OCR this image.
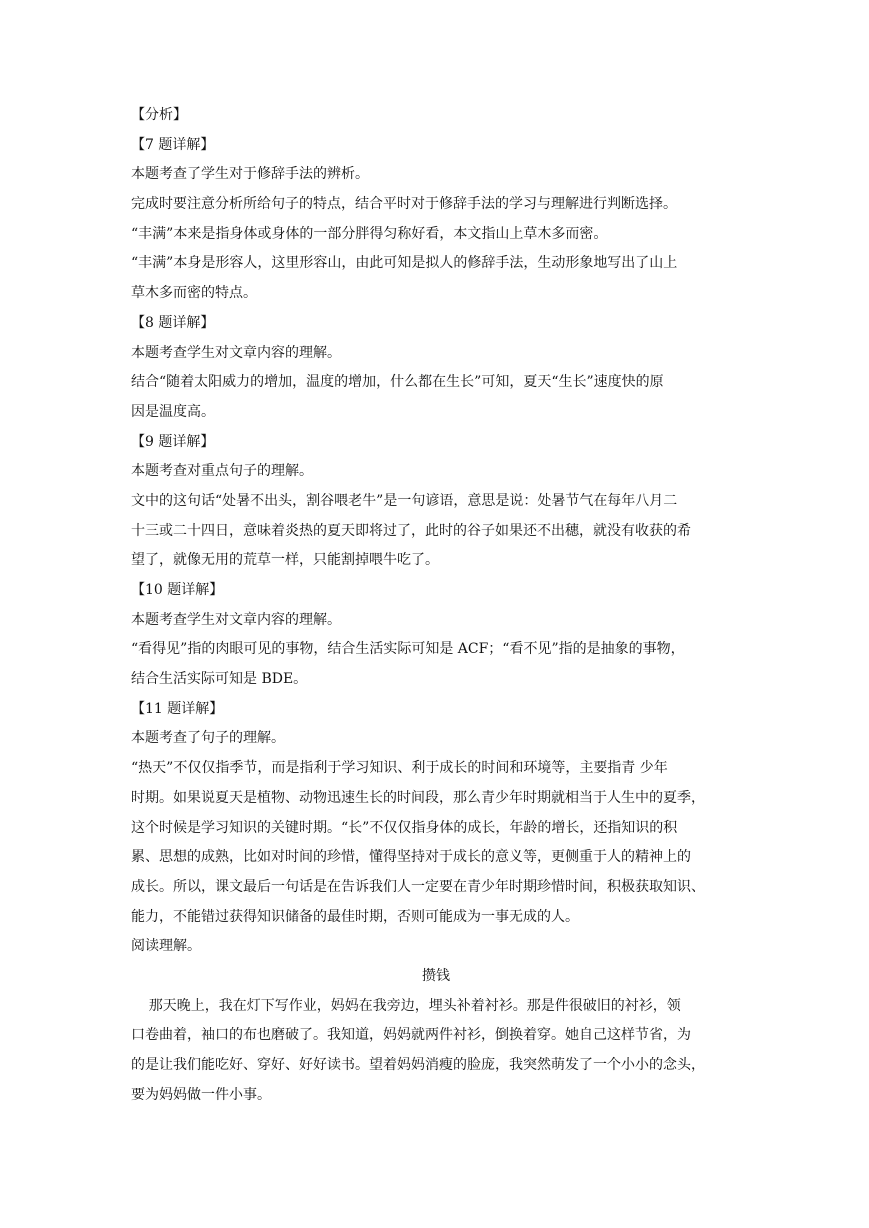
【分析】
【7 题详解】
本题考查了学生对于修辞手法的辨析。
完成时要注意分析所给句子的特点，结合平时对于修辞手法的学习与理解进行判断选择。
“丰满”本来是指身体或身体的一部分胖得匀称好看，本文指山上草木多而密。
“丰满”本身是形容人，这里形容山，由此可知是拟人的修辞手法，生动形象地写出了山上
草木多而密的特点。
【8 题详解】
本题考查学生对文章内容的理解。
结合“随着太阳威力的增加，温度的增加，什么都在生长”可知，夏天“生长”速度快的原
因是温度高。
【9 题详解】
本题考查对重点句子的理解。
文中的这句话“处暑不出头，割谷喂老牛”是一句谚语，意思是说：处暑节气在每年八月二
十三或二十四日，意味着炎热的夏天即将过了，此时的谷子如果还不出穗，就没有收获的希
望了，就像无用的荒草一样，只能割掉喂牛吃了。
【10 题详解】
本题考查学生对文章内容的理解。
“看得见”指的肉眼可见的事物，结合生活实际可知是 ACF；“看不见”指的是抽象的事物，
结合生活实际可知是 BDE。
【11 题详解】
本题考查了句子的理解。
“热天”不仅仅指季节，而是指利于学习知识、利于成长的时间和环境等，主要指青 少年
时期。如果说夏天是植物、动物迅速生长的时间段，那么青少年时期就相当于人生中的夏季，
这个时候是学习知识的关键时期。“长”不仅仅指身体的成长，年龄的增长，还指知识的积
累、思想的成熟，比如对时间的珍惜，懂得坚持对于成长的意义等，更侧重于人的精神上的
成长。所以，课文最后一句话是在告诉我们人一定要在青少年时期珍惜时间，积极获取知识、
能力，不能错过获得知识储备的最佳时期，否则可能成为一事无成的人。
阅读理解。
攒钱
那天晚上，我在灯下写作业，妈妈在我旁边，埋头补着衬衫。那是件很破旧的衬衫，领
口卷曲着，袖口的布也磨破了。我知道，妈妈就两件衬衫，倒换着穿。她自己这样节省，为
的是让我们能吃好、穿好、好好读书。望着妈妈消瘦的脸庞，我突然萌发了一个小小的念头，
要为妈妈做一件小事。
